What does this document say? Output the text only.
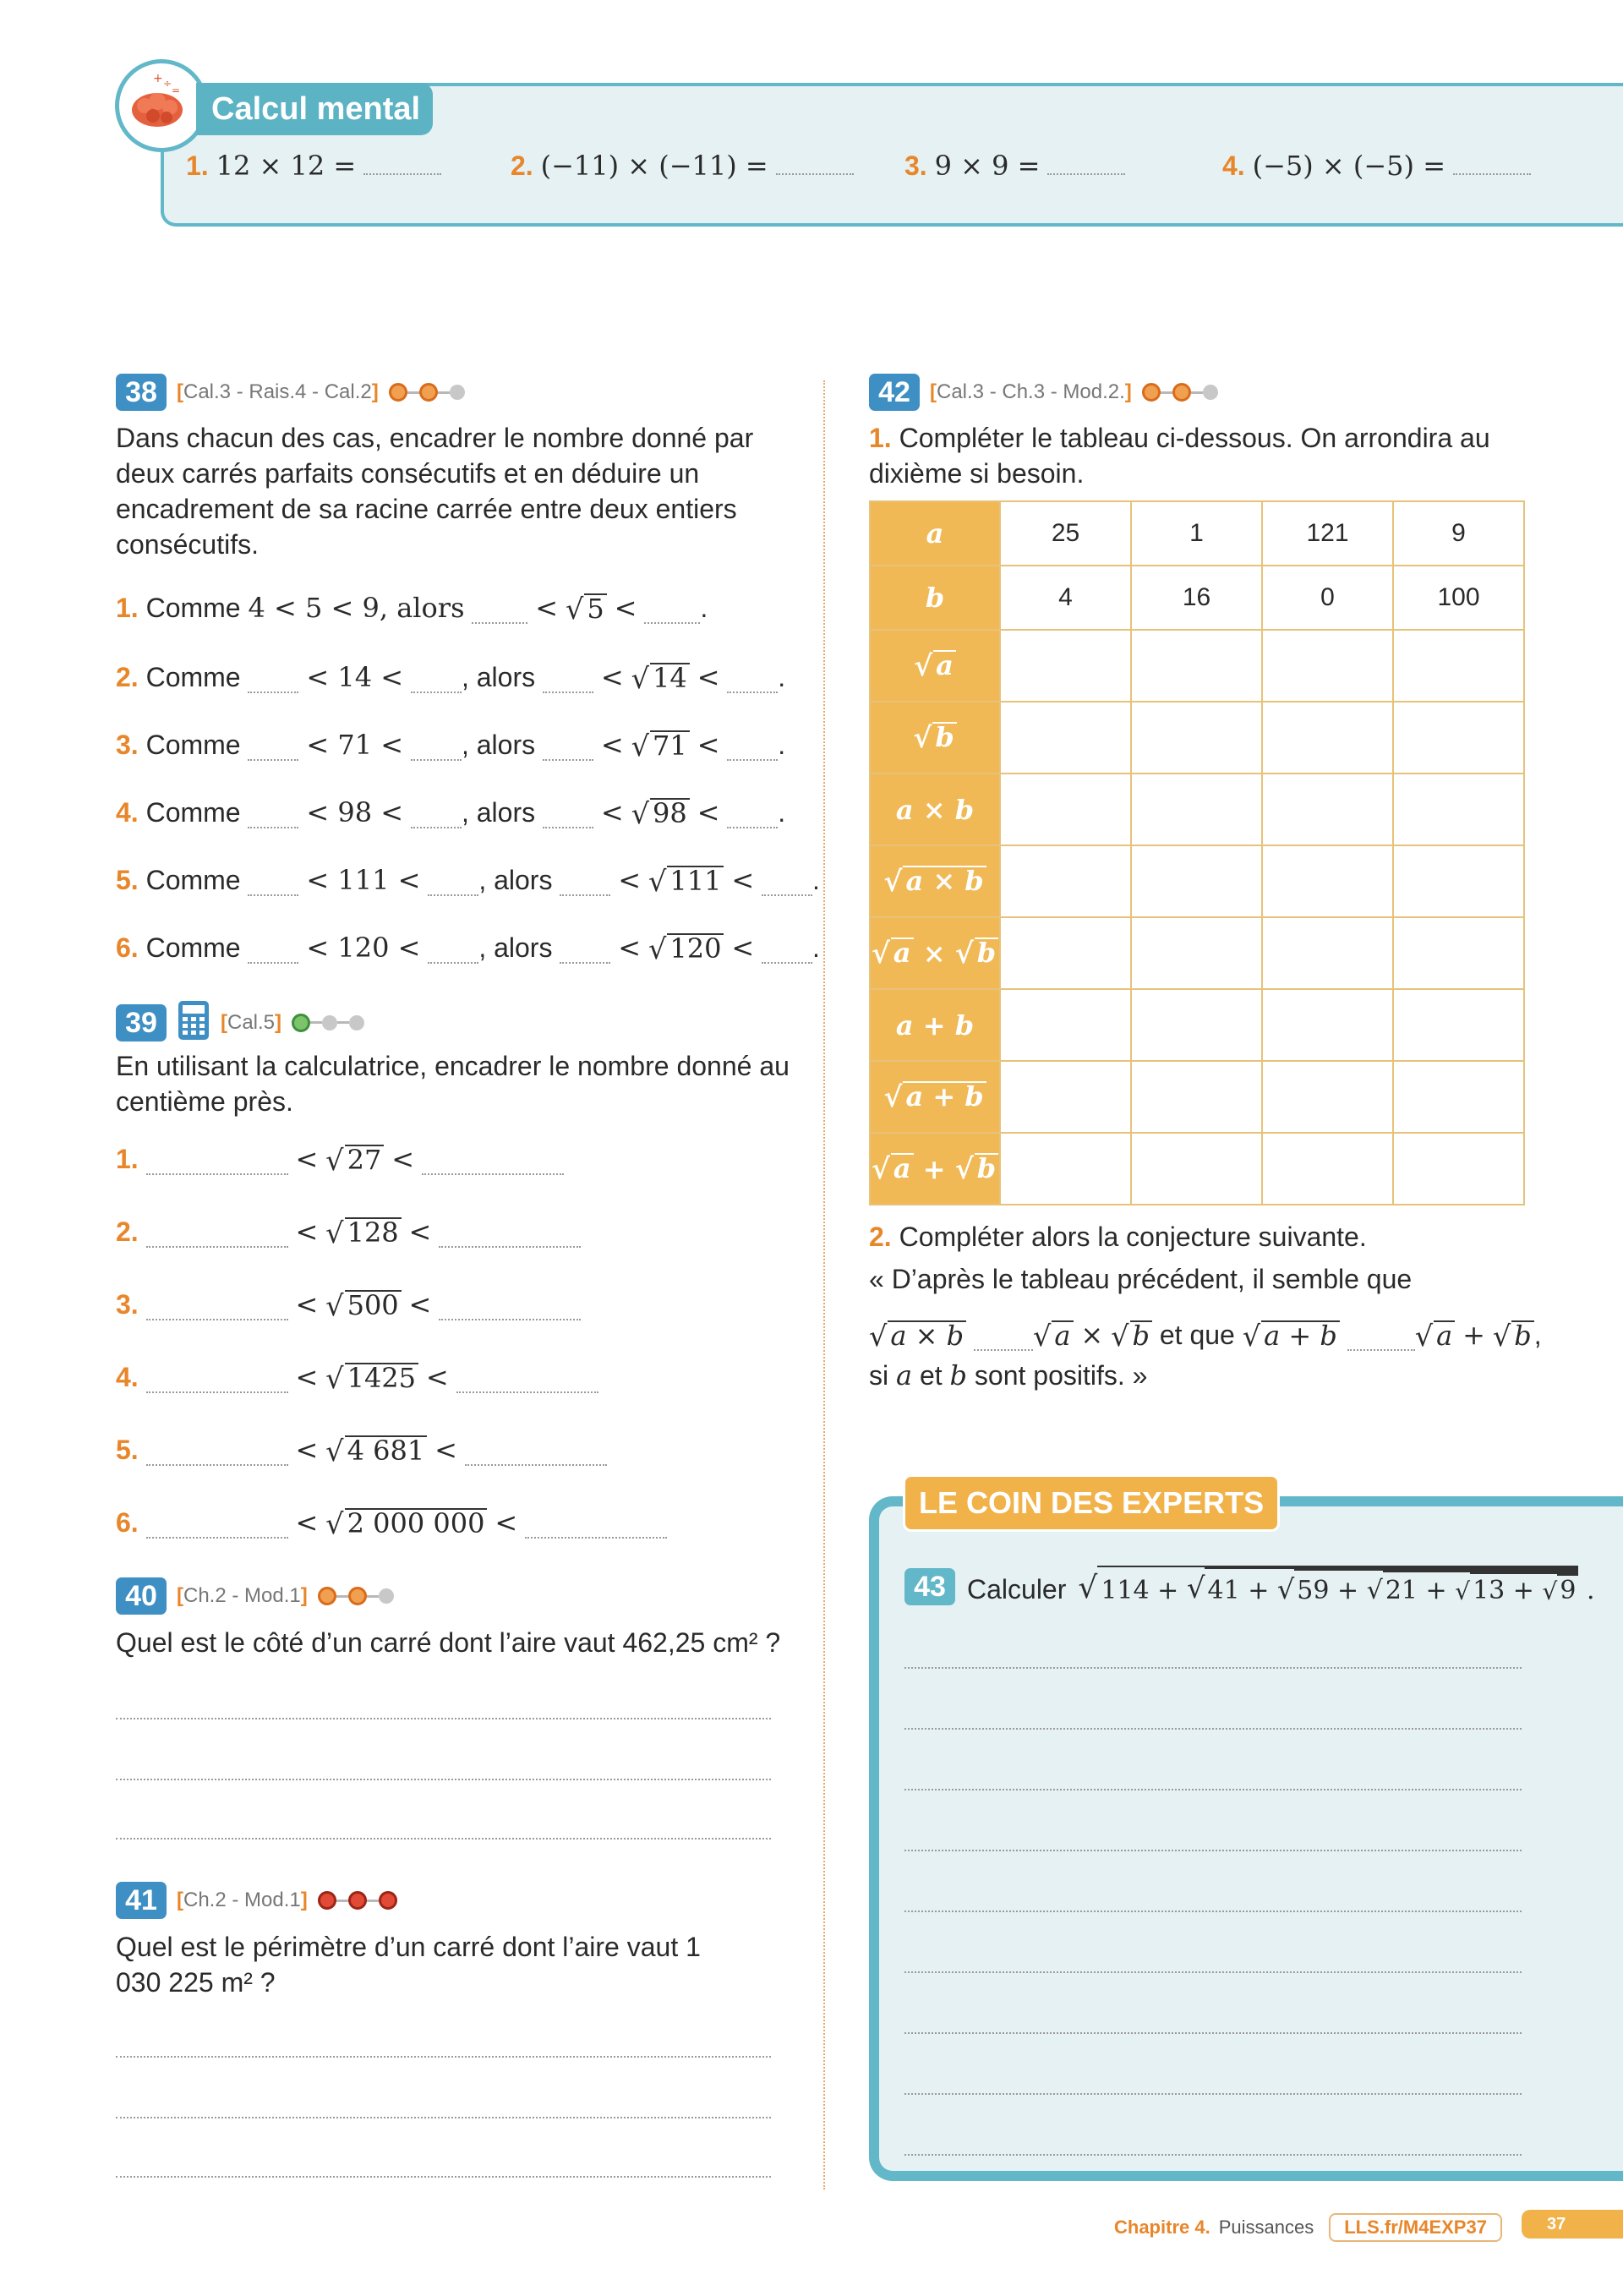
+ ÷
=
Calcul mental
1. 12 × 12 =	2. (−11) × (−11) =	3. 9 × 9 =	4. (−5) × (−5) =
38 [Cal.3 - Rais.4 - Cal.2]
Dans chacun des cas, encadrer le nombre donné par deux carrés parfaits consécutifs et en déduire un encadrement de sa racine carrée entre deux entiers consécutifs.
1.
Comme
4 < 5 < 9, alors

	<
√ 5
<
.
2.
Comme

< 14 <
, alors

<
√ 14
<
.
3.
Comme

< 71 <
, alors

<
√ 71
<
.
4.
Comme

< 98 <
, alors

<
√ 98
<
.
5.
Comme

< 111 <
, alors

<
√ 111
<
.
6.
Comme

< 120 <
, alors

<
√ 120
<
.
39	[Cal.5]
En utilisant la calculatrice, encadrer le nombre donné au centième près.
1.

	<
√ 27
<

2.

	<
√ 128
<

3.

	<
√ 500
<

4.

	<
√ 1425
<

5.

	<
√ 4 681
<

6.

	<
√ 2 000 000
<

40 [Ch.2 - Mod.1]
Quel est le côté d’un carré dont l’aire vaut 462,25 cm² ?
41 [Ch.2 - Mod.1]
Quel est le périmètre d’un carré dont l’aire vaut 1 030 225 m² ?
42 [Cal.3 - Ch.3 - Mod.2.]
1. Compléter le tableau ci-dessous. On arrondira au dixième si besoin.
a	25	1	121	9
b	4	16	0	100

√ a				

√ b				

a × b				

√ a × b				

√ a × √ b				

a + b				

√ a + b				

√ a + √ b				

2. Compléter alors la conjecture suivante.
« D’après le tableau précédent, il semble que
√ a × b
√ a
×
√ b
et que
√ a + b
	√ a
+
√ b ,
si a et b sont positifs. »
LE COIN DES EXPERTS
43 Calculer √ 114 +
√ 41 +
√ 59 +
√ 21 +
√ 13 +
√ 9 .
Chapitre 4. Puissances	LLS.fr/M4EXP37	37
